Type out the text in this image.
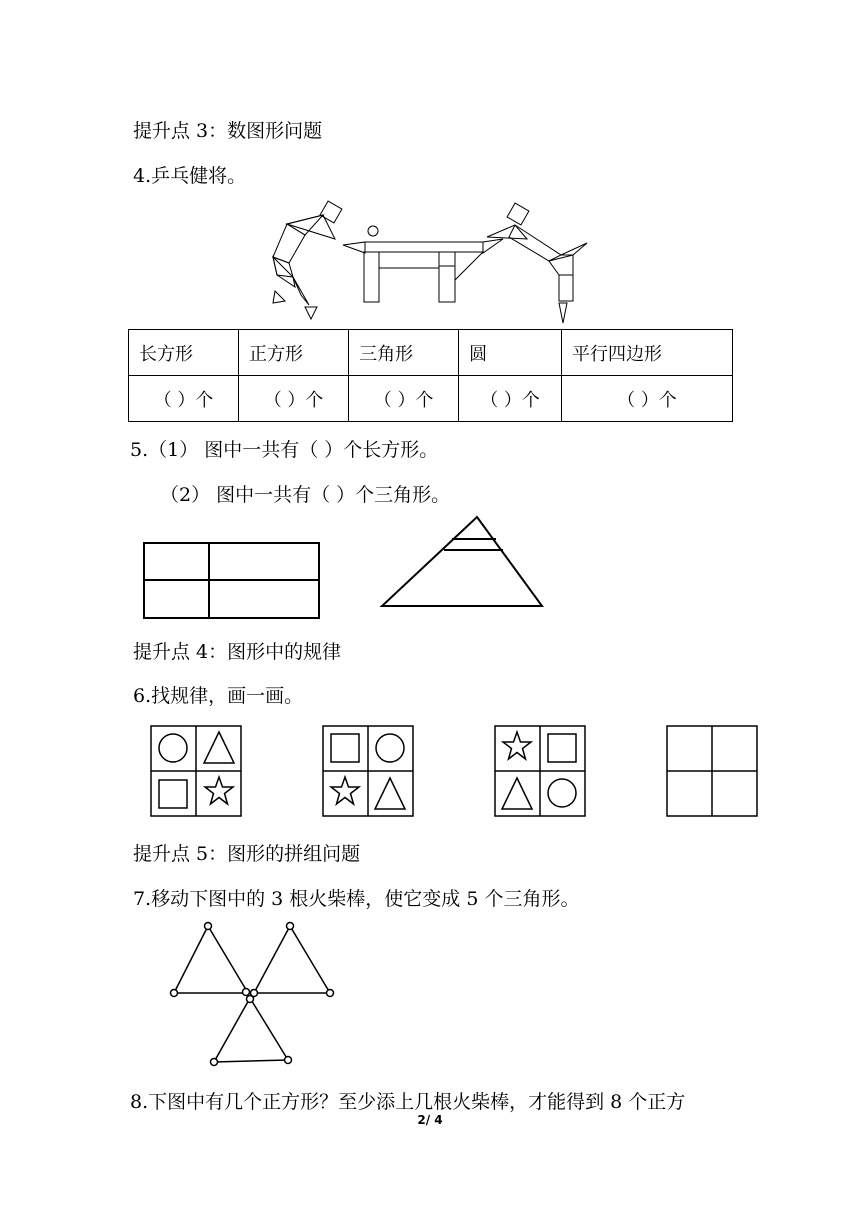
提升点 3：数图形问题
4.乒乓健将。
长方形	正方形	三角形	圆	平行四边形
（ ）个	（ ）个	（ ）个	（ ）个	（ ）个
5.（1） 图中一共有（ ）个长方形。
（2） 图中一共有（ ）个三角形。
提升点 4：图形中的规律
6.找规律，画一画。
提升点 5：图形的拼组问题
7.移动下图中的 3 根火柴棒，使它变成 5 个三角形。
8.下图中有几个正方形？至少添上几根火柴棒，才能得到 8 个正方
2/ 4
